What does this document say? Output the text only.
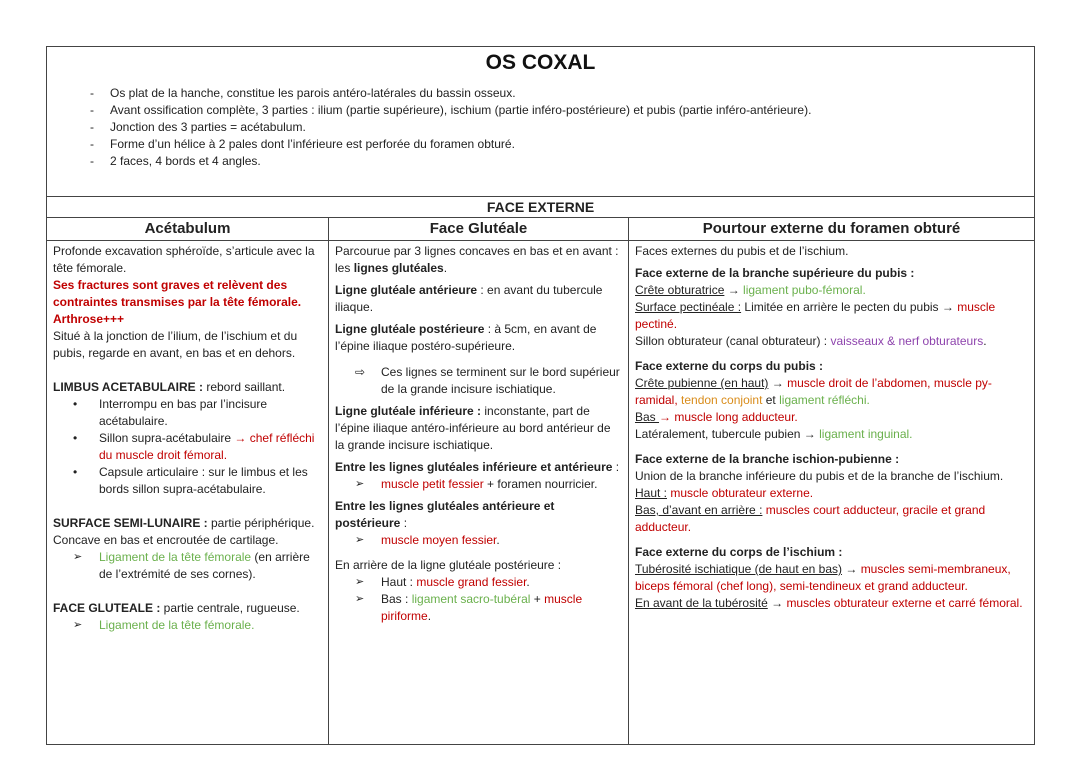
OS COXAL
- Os plat de la hanche, constitue les parois antéro-latérales du bassin osseux.
- Avant ossification complète, 3 parties : ilium (partie supérieure), ischium (partie inféro-postérieure) et pubis (partie inféro-antérieure).
- Jonction des 3 parties = acétabulum.
- Forme d’un hélice à 2 pales dont l’inférieure est perforée du foramen obturé.
- 2 faces, 4 bords et 4 angles.
FACE EXTERNE
Acétabulum	Face Glutéale	Pourtour externe du foramen obturé

Profonde excavation sphéroïde, s’articule avec la tête fémorale.

Ses fractures sont graves et relèvent des contraintes transmises par la tête fémorale. Arthrose+++

Situé à la jonction de l’ilium, de l’ischium et du pubis, regarde en avant, en bas et en dehors.

LIMBUS ACETABULAIRE : rebord saillant.

• Interrompu en bas par l’incisure acétabulaire.

• Sillon supra-acétabulaire → chef réfléchi du muscle droit fémoral.

• Capsule articulaire : sur le limbus et les bords sillon supra-acétabulaire.

SURFACE SEMI-LUNAIRE : partie périphérique.

Concave en bas et encroutée de cartilage.

➢ Ligament de la tête fémorale (en arrière de l’extrémité de ses cornes).

FACE GLUTEALE : partie centrale, rugueuse.

➢ Ligament de la tête fémorale.

Parcourue par 3 lignes concaves en bas et en avant : les lignes glutéales.

Ligne glutéale antérieure : en avant du tubercule iliaque.

Ligne glutéale postérieure : à 5cm, en avant de l’épine iliaque postéro-supérieure.

⇨ Ces lignes se terminent sur le bord supérieur de la grande incisure ischiatique.

Ligne glutéale inférieure : inconstante, part de l’épine iliaque antéro-inférieure au bord antérieur de la grande incisure ischiatique.

Entre les lignes glutéales inférieure et antérieure :

➢ muscle petit fessier + foramen nourricier.

Entre les lignes glutéales antérieure et postérieure :

➢ muscle moyen fessier.

En arrière de la ligne glutéale postérieure :

➢ Haut : muscle grand fessier.

➢ Bas : ligament sacro-tubéral + muscle piriforme.

Faces externes du pubis et de l’ischium.

Face externe de la branche supérieure du pubis :

Crête obturatrice → ligament pubo-fémoral.

Surface pectinéale : Limitée en arrière le pecten du pubis → muscle pectiné.

Sillon obturateur (canal obturateur) : vaisseaux & nerf obturateurs.

Face externe du corps du pubis :

Crête pubienne (en haut) → muscle droit de l’abdomen, muscle py-ramidal, tendon conjoint et ligament réfléchi.

Bas → muscle long adducteur.

Latéralement, tubercule pubien → ligament inguinal.

Face externe de la branche ischion-pubienne :

Union de la branche inférieure du pubis et de la branche de l’ischium.

Haut : muscle obturateur externe.

Bas, d’avant en arrière : muscles court adducteur, gracile et grand adducteur.

Face externe du corps de l’ischium :

Tubérosité ischiatique (de haut en bas) → muscles semi-membraneux, biceps fémoral (chef long), semi-tendineux et grand adducteur.

En avant de la tubérosité → muscles obturateur externe et carré fémoral.
